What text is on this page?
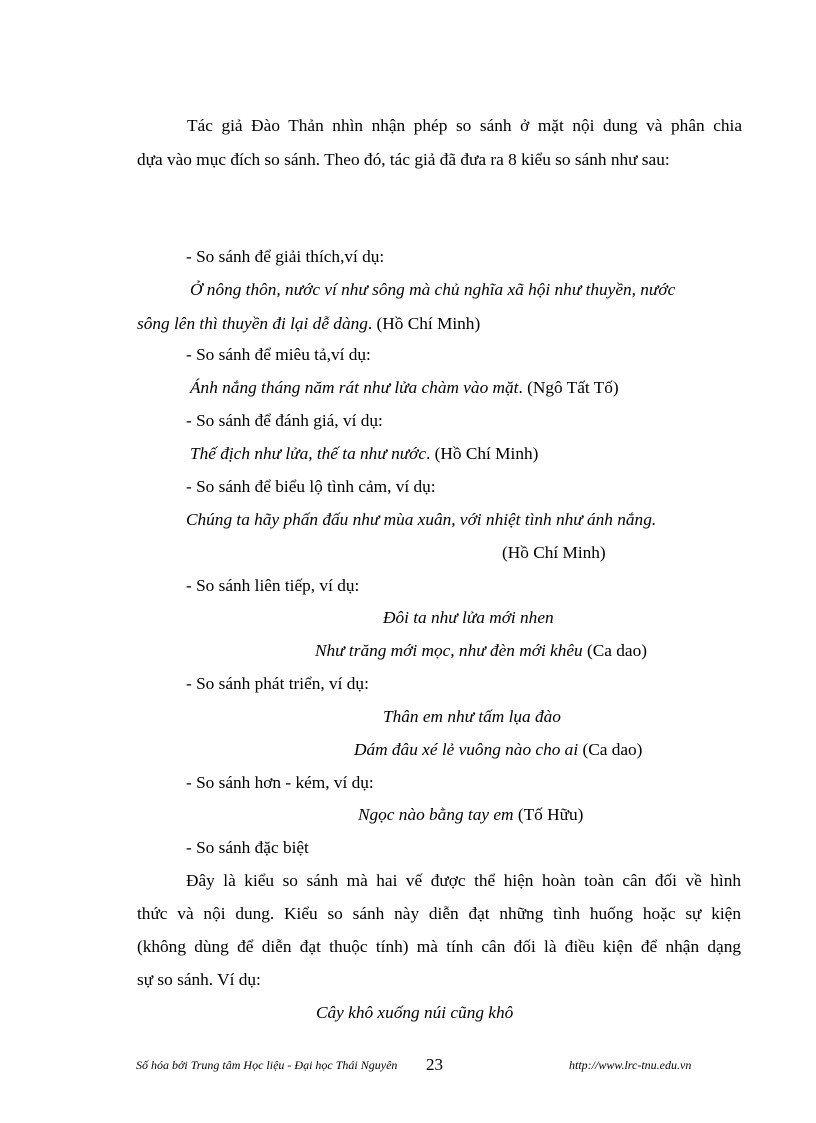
Tác giả Đào Thản nhìn nhận phép so sánh ở mặt nội dung và phân chia
dựa vào mục đích so sánh. Theo đó, tác giả đã đưa ra 8 kiểu so sánh như sau:
- So sánh để giải thích,ví dụ:
Ở nông thôn, nước ví như sông mà chủ nghĩa xã hội như thuyền, nước
sông lên thì thuyền đi lại dễ dàng. (Hồ Chí Minh)
- So sánh để miêu tả,ví dụ:
Ánh nắng tháng năm rát như lửa chàm vào mặt. (Ngô Tất Tố)
- So sánh để đánh giá, ví dụ:
Thế địch như lửa, thế ta như nước. (Hồ Chí Minh)
- So sánh để biểu lộ tình cảm, ví dụ:
Chúng ta hãy phấn đấu như mùa xuân, với nhiệt tình như ánh nắng.
(Hồ Chí Minh)
- So sánh liên tiếp, ví dụ:
Đôi ta như lửa mới nhen
Như trăng mới mọc, như đèn mới khêu (Ca dao)
- So sánh phát triển, ví dụ:
Thân em như tấm lụa đào
Dám đâu xé lẻ vuông nào cho ai (Ca dao)
- So sánh hơn - kém, ví dụ:
Ngọc nào bằng tay em (Tố Hữu)
- So sánh đặc biệt
Đây là kiểu so sánh mà hai vế được thể hiện hoàn toàn cân đối về hình
thức và nội dung. Kiểu so sánh này diễn đạt những tình huống hoặc sự kiện
(không dùng để diễn đạt thuộc tính) mà tính cân đối là điều kiện để nhận dạng
sự so sánh. Ví dụ:
Cây khô xuống núi cũng khô
Số hóa bởi Trung tâm Học liệu - Đại học Thái Nguyên 23	http://www.lrc-tnu.edu.vn
